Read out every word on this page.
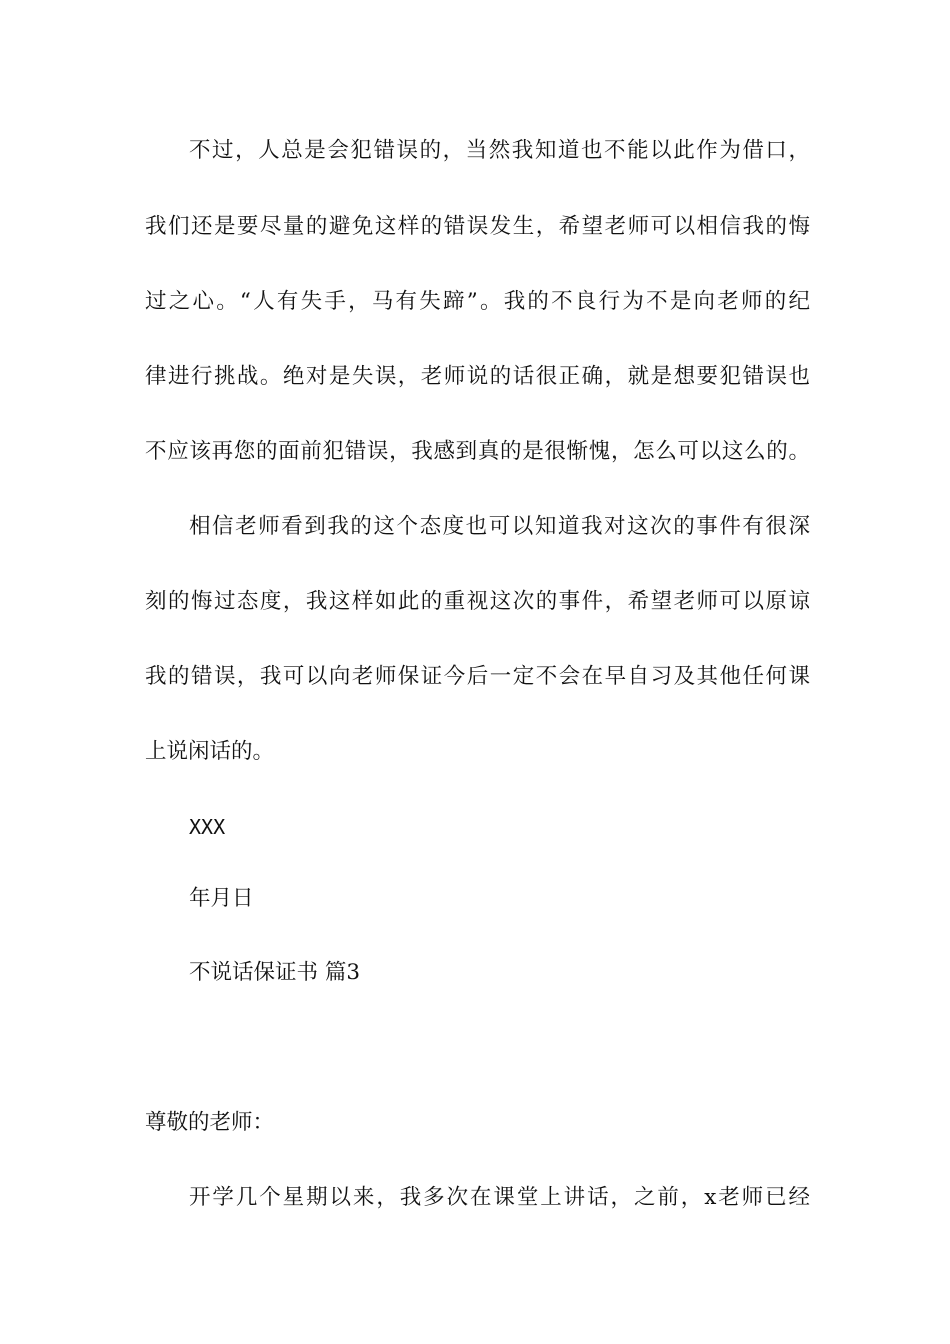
不过，人总是会犯错误的，当然我知道也不能以此作为借口，
我们还是要尽量的避免这样的错误发生，希望老师可以相信我的悔
过之心。“人有失手，马有失蹄”。我的不良行为不是向老师的纪
律进行挑战。绝对是失误，老师说的话很正确，就是想要犯错误也
不应该再您的面前犯错误，我感到真的是很惭愧，怎么可以这么的。
相信老师看到我的这个态度也可以知道我对这次的事件有很深
刻的悔过态度，我这样如此的重视这次的事件，希望老师可以原谅
我的错误，我可以向老师保证今后一定不会在早自习及其他任何课
上说闲话的。
XXX
年月日
不说话保证书 篇3
尊敬的老师：
开学几个星期以来，我多次在课堂上讲话，之前，x老师已经
